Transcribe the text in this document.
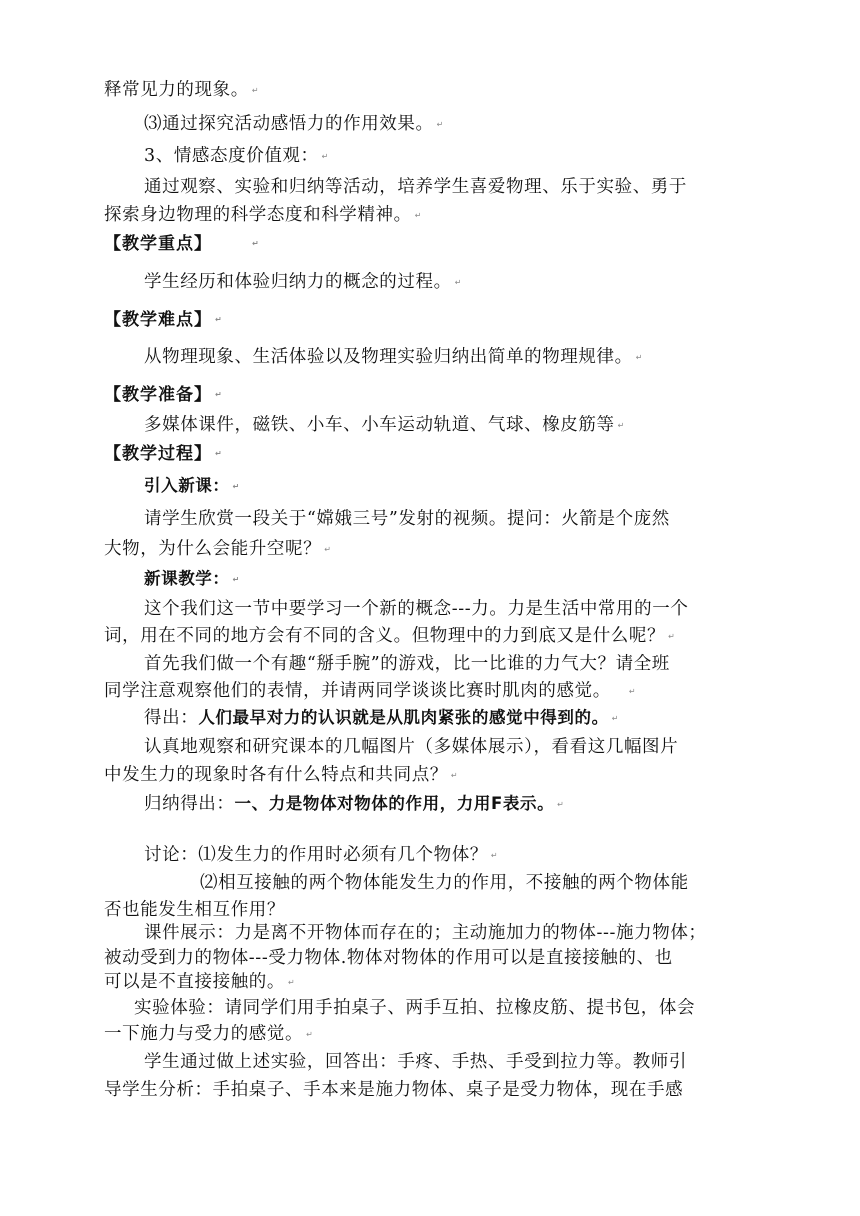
释常见力的现象。 ↵
⑶通过探究活动感悟力的作用效果。 ↵
3、情感态度价值观： ↵
通过观察、实验和归纳等活动，培养学生喜爱物理、乐于实验、勇于
探索身边物理的科学态度和科学精神。 ↵
【教学重点】	↵
学生经历和体验归纳力的概念的过程。 ↵
【教学难点】 ↵
从物理现象、生活体验以及物理实验归纳出简单的物理规律。 ↵
【教学准备】 ↵
多媒体课件，磁铁、小车、小车运动轨道、气球、橡皮筋等 ↵
【教学过程】 ↵
引入新课： ↵
请学生欣赏一段关于“嫦娥三号”发射的视频。提问：火箭是个庞然
大物，为什么会能升空呢？ ↵
新课教学： ↵
这个我们这一节中要学习一个新的概念---力。力是生活中常用的一个
词，用在不同的地方会有不同的含义。但物理中的力到底又是什么呢？ ↵
首先我们做一个有趣“掰手腕”的游戏，比一比谁的力气大？请全班
同学注意观察他们的表情，并请两同学谈谈比赛时肌肉的感觉。 ↵
得出：人们最早对力的认识就是从肌肉紧张的感觉中得到的。 ↵
认真地观察和研究课本的几幅图片（多媒体展示），看看这几幅图片
中发生力的现象时各有什么特点和共同点？ ↵
归纳得出：一、力是物体对物体的作用，力用F表示。 ↵
讨论：⑴发生力的作用时必须有几个物体？ ↵
⑵相互接触的两个物体能发生力的作用，不接触的两个物体能
否也能发生相互作用？
课件展示：力是离不开物体而存在的；主动施加力的物体---施力物体；
被动受到力的物体---受力物体.物体对物体的作用可以是直接接触的、也
可以是不直接接触的。 ↵
实验体验：请同学们用手拍桌子、两手互拍、拉橡皮筋、提书包，体会
一下施力与受力的感觉。 ↵
学生通过做上述实验，回答出：手疼、手热、手受到拉力等。教师引
导学生分析：手拍桌子、手本来是施力物体、桌子是受力物体，现在手感
